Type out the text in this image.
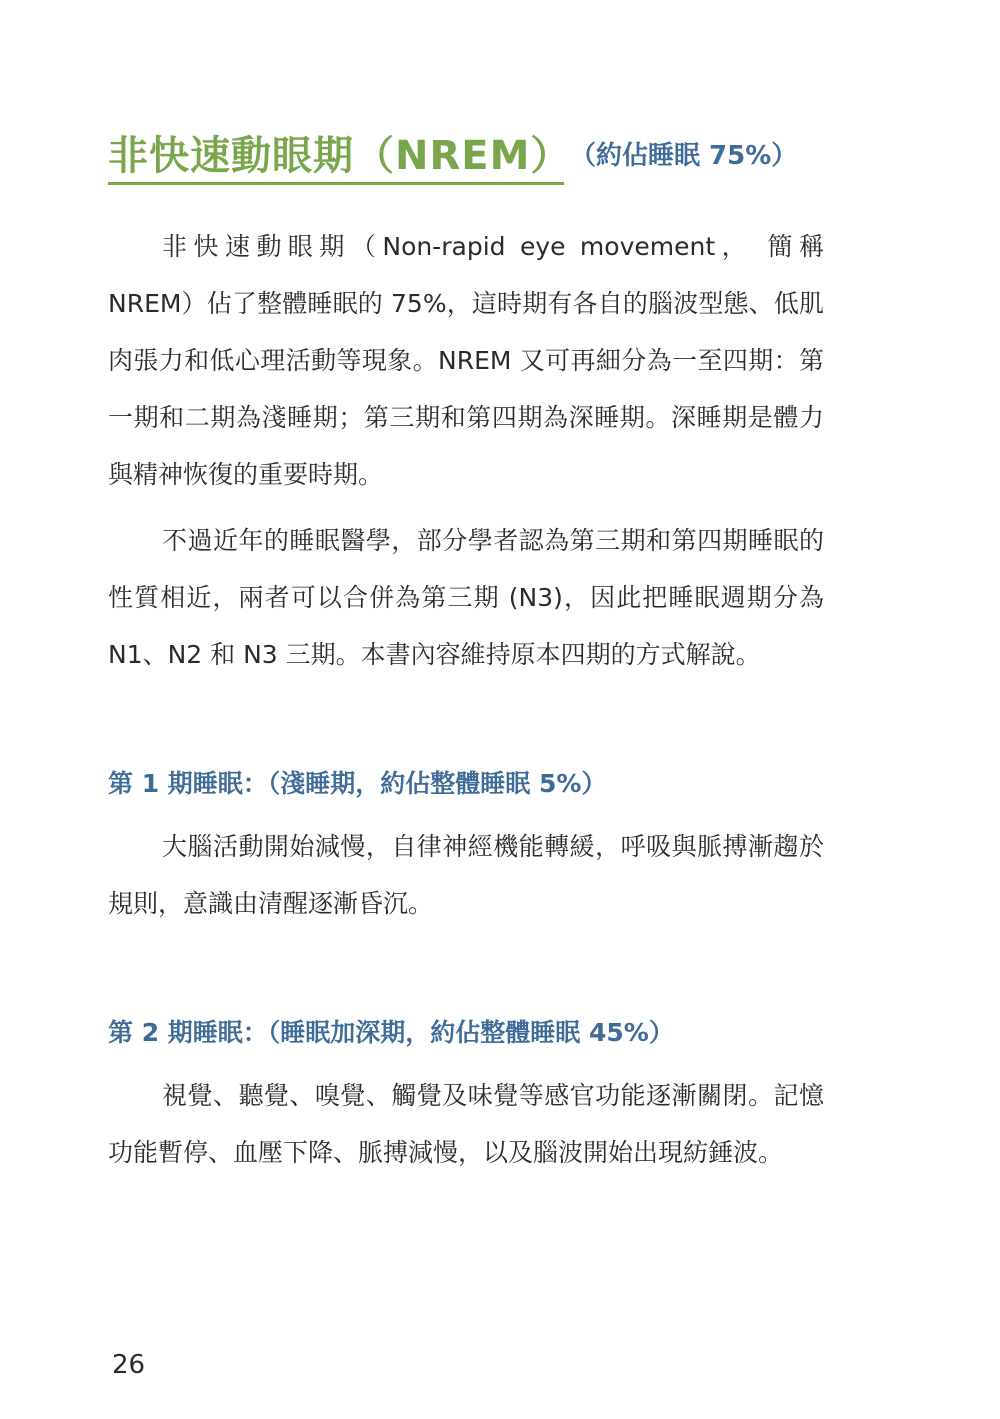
非快速動眼期（NREM）
（約佔睡眠 75%）

非快速動眼期（Non-rapid eye movement， 簡稱 NREM）佔了整體睡眠的 75%，這時期有各自的腦波型態、低肌肉張力和低心理活動等現象。NREM 又可再細分為一至四期：第一期和二期為淺睡期；第三期和第四期為深睡期。深睡期是體力與精神恢復的重要時期。

不過近年的睡眠醫學，部分學者認為第三期和第四期睡眠的性質相近，兩者可以合併為第三期 (N3)，因此把睡眠週期分為 N1、N2 和 N3 三期。本書內容維持原本四期的方式解說。

第 1 期睡眠：（淺睡期，約佔整體睡眠 5%）

大腦活動開始減慢，自律神經機能轉緩，呼吸與脈搏漸趨於規則，意識由清醒逐漸昏沉。

第 2 期睡眠：（睡眠加深期，約佔整體睡眠 45%）

視覺、聽覺、嗅覺、觸覺及味覺等感官功能逐漸關閉。記憶功能暫停、血壓下降、脈搏減慢，以及腦波開始出現紡錘波。

26
